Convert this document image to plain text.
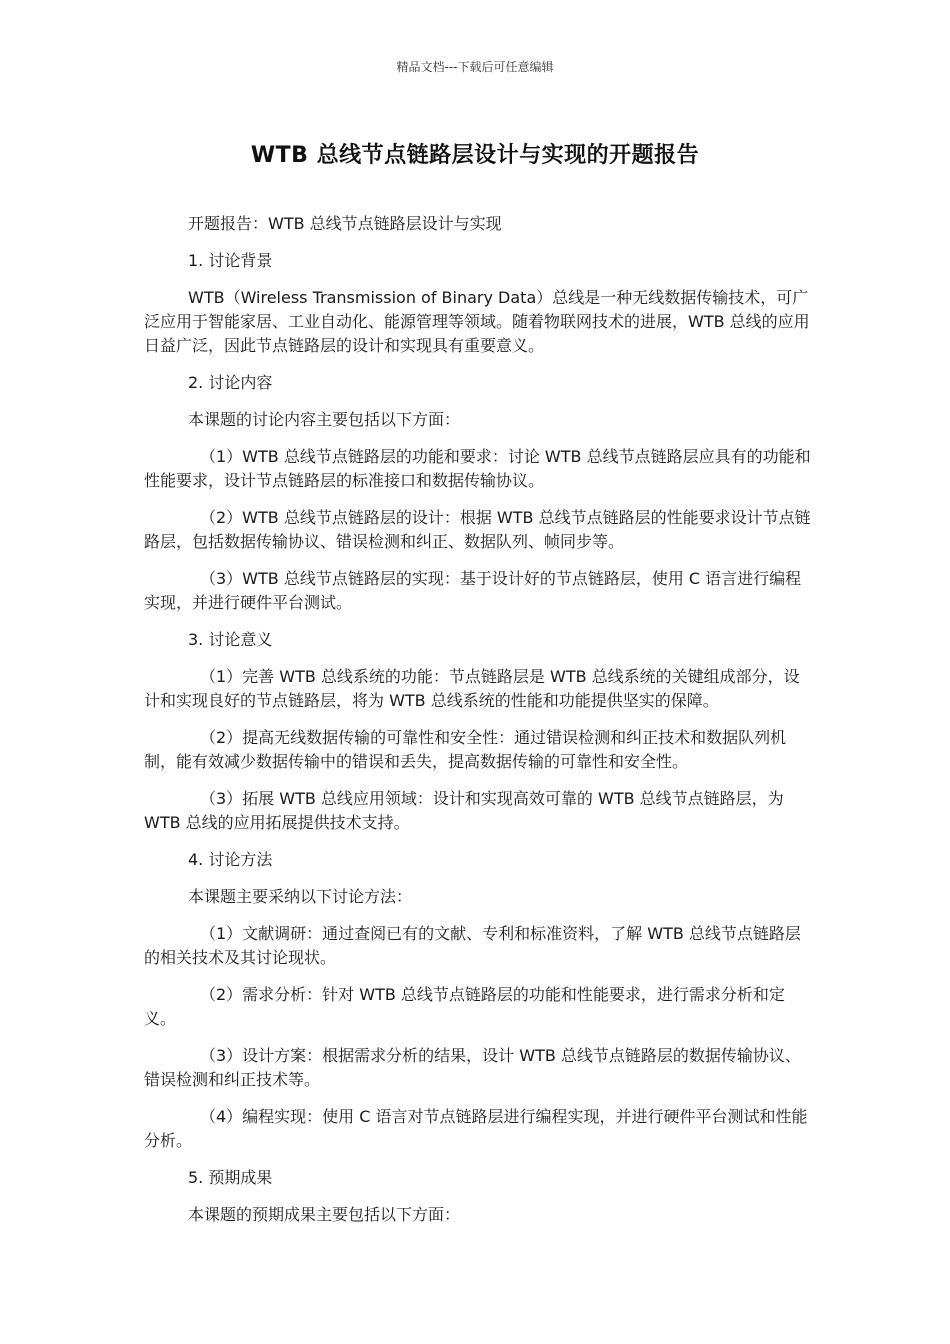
精品文档---下载后可任意编辑
WTB 总线节点链路层设计与实现的开题报告

开题报告：WTB 总线节点链路层设计与实现

1. 讨论背景

WTB（Wireless Transmission of Binary Data）总线是一种无线数据传输技术，可广泛应用于智能家居、工业自动化、能源管理等领域。随着物联网技术的进展，WTB 总线的应用日益广泛，因此节点链路层的设计和实现具有重要意义。

2. 讨论内容

本课题的讨论内容主要包括以下方面：

（1）WTB 总线节点链路层的功能和要求：讨论 WTB 总线节点链路层应具有的功能和性能要求，设计节点链路层的标准接口和数据传输协议。

（2）WTB 总线节点链路层的设计：根据 WTB 总线节点链路层的性能要求设计节点链路层，包括数据传输协议、错误检测和纠正、数据队列、帧同步等。

（3）WTB 总线节点链路层的实现：基于设计好的节点链路层，使用 C 语言进行编程实现，并进行硬件平台测试。

3. 讨论意义

（1）完善 WTB 总线系统的功能：节点链路层是 WTB 总线系统的关键组成部分，设计和实现良好的节点链路层，将为 WTB 总线系统的性能和功能提供坚实的保障。

（2）提高无线数据传输的可靠性和安全性：通过错误检测和纠正技术和数据队列机制，能有效减少数据传输中的错误和丢失，提高数据传输的可靠性和安全性。

（3）拓展 WTB 总线应用领域：设计和实现高效可靠的 WTB 总线节点链路层，为 WTB 总线的应用拓展提供技术支持。

4. 讨论方法

本课题主要采纳以下讨论方法：

（1）文献调研：通过查阅已有的文献、专利和标准资料，了解 WTB 总线节点链路层的相关技术及其讨论现状。

（2）需求分析：针对 WTB 总线节点链路层的功能和性能要求，进行需求分析和定义。

（3）设计方案：根据需求分析的结果，设计 WTB 总线节点链路层的数据传输协议、错误检测和纠正技术等。

（4）编程实现：使用 C 语言对节点链路层进行编程实现，并进行硬件平台测试和性能分析。

5. 预期成果

本课题的预期成果主要包括以下方面：
